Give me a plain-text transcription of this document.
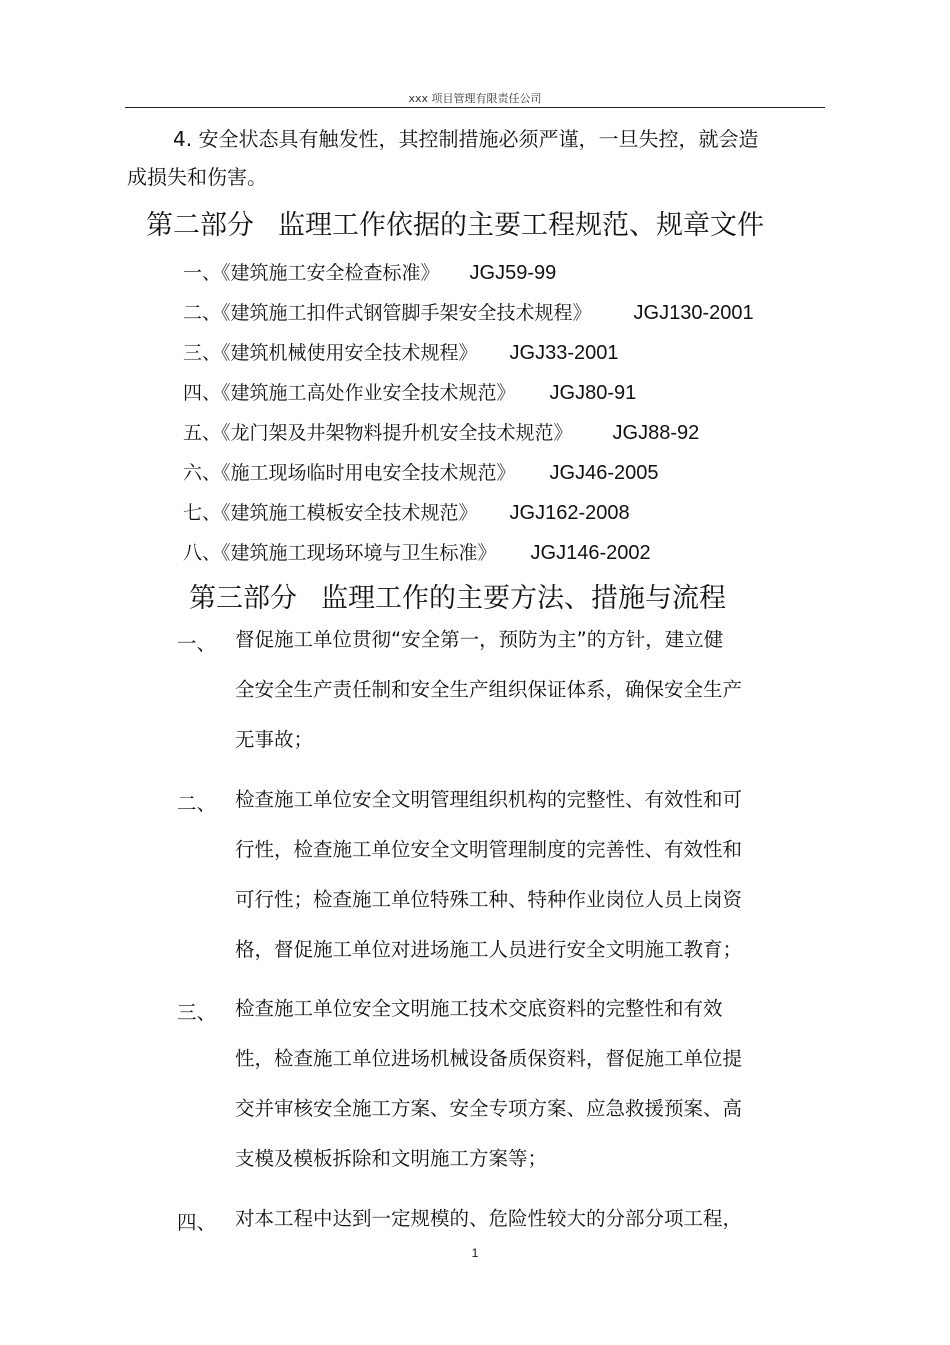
xxx 项目管理有限责任公司
4. 安全状态具有触发性，其控制措施必须严谨，一旦失控，就会造
成损失和伤害。
第二部分 监理工作依据的主要工程规范、规章文件
一、《建筑施工安全检查标准》 JGJ59-99
二、《建筑施工扣件式钢管脚手架安全技术规程》 JGJ130-2001
三、《建筑机械使用安全技术规程》 JGJ33-2001
四、《建筑施工高处作业安全技术规范》 JGJ80-91
五、《龙门架及井架物料提升机安全技术规范》 JGJ88-92
六、《施工现场临时用电安全技术规范》 JGJ46-2005
七、《建筑施工模板安全技术规范》 JGJ162-2008
八、《建筑施工现场环境与卫生标准》 JGJ146-2002
第三部分 监理工作的主要方法、措施与流程
一、 督促施工单位贯彻“安全第一，预防为主”的方针，建立健
全安全生产责任制和安全生产组织保证体系，确保安全生产
无事故；
二、 检查施工单位安全文明管理组织机构的完整性、有效性和可
行性，检查施工单位安全文明管理制度的完善性、有效性和
可行性；检查施工单位特殊工种、特种作业岗位人员上岗资
格，督促施工单位对进场施工人员进行安全文明施工教育；
三、 检查施工单位安全文明施工技术交底资料的完整性和有效
性，检查施工单位进场机械设备质保资料，督促施工单位提
交并审核安全施工方案、安全专项方案、应急救援预案、高
支模及模板拆除和文明施工方案等；
四、 对本工程中达到一定规模的、危险性较大的分部分项工程，
1
